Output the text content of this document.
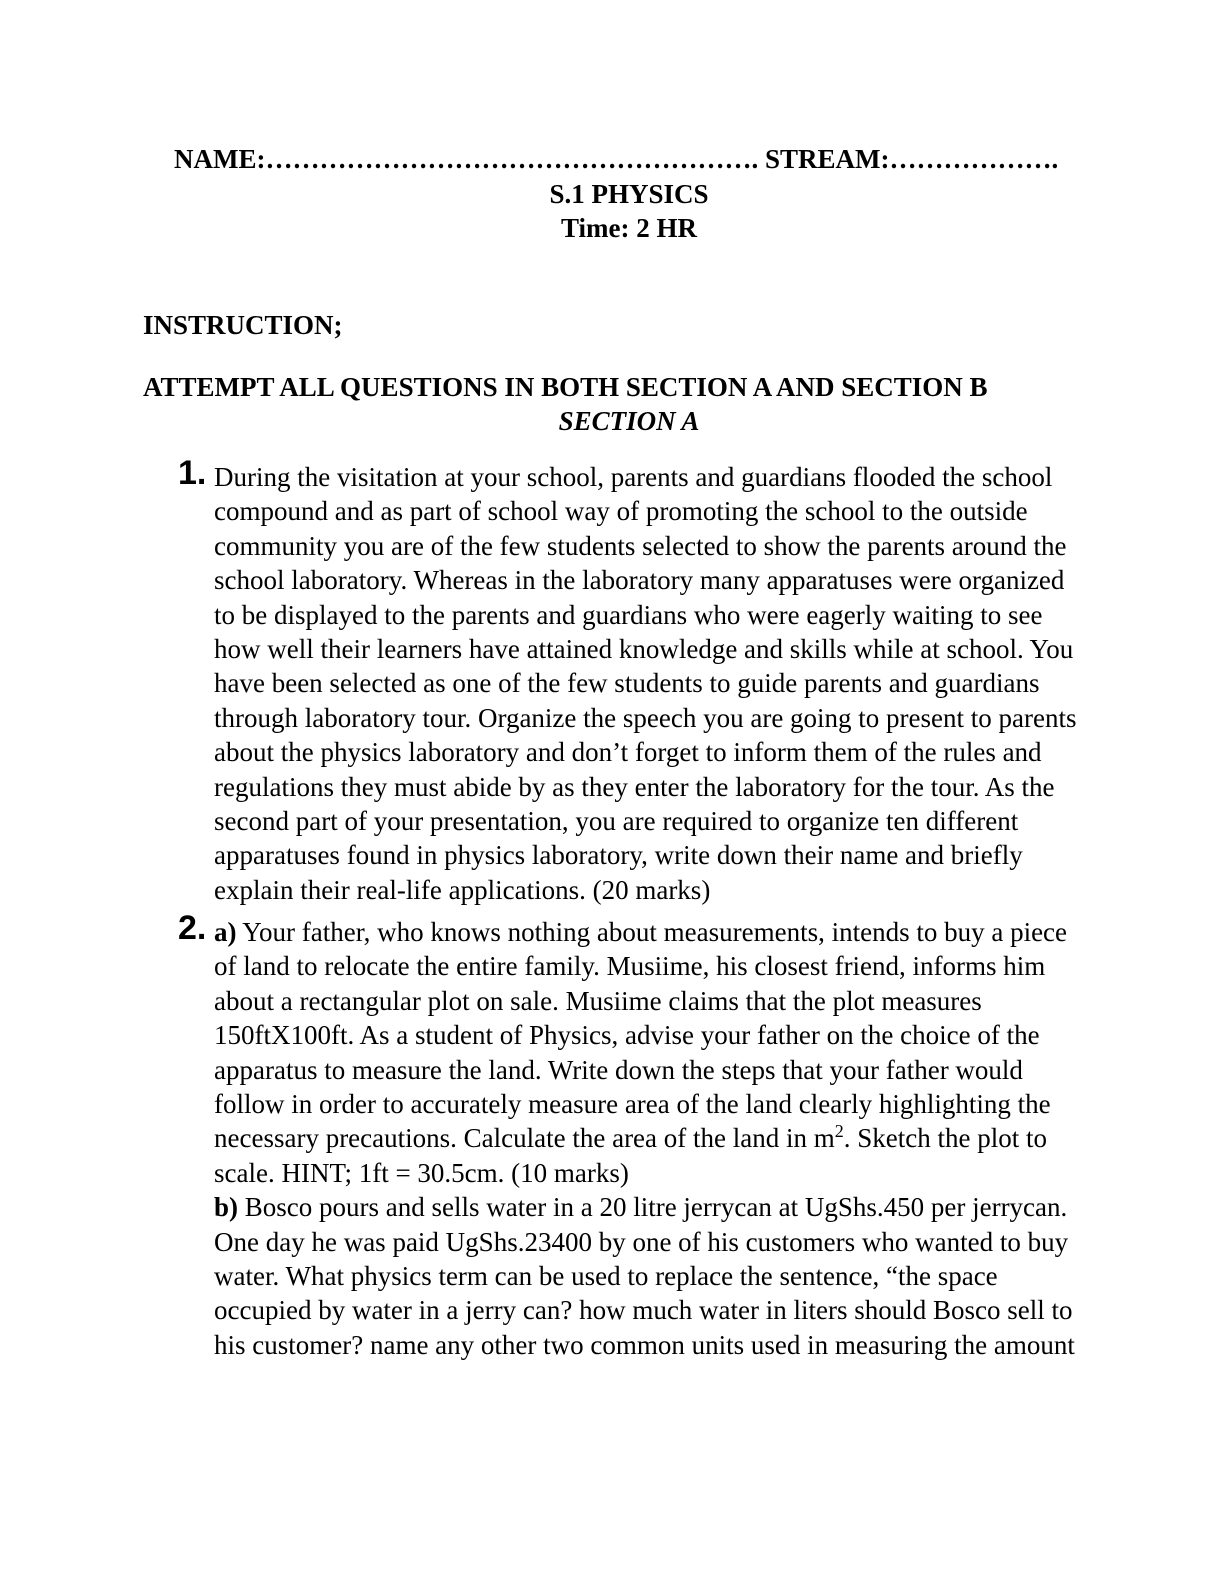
NAME:………………………………………………. STREAM:……………….
S.1 PHYSICS
Time: 2 HR
INSTRUCTION;
ATTEMPT ALL QUESTIONS IN BOTH SECTION A AND SECTION B
SECTION A
1. During the visitation at your school, parents and guardians flooded the school
compound and as part of school way of promoting the school to the outside
community you are of the few students selected to show the parents around the
school laboratory. Whereas in the laboratory many apparatuses were organized
to be displayed to the parents and guardians who were eagerly waiting to see
how well their learners have attained knowledge and skills while at school. You
have been selected as one of the few students to guide parents and guardians
through laboratory tour. Organize the speech you are going to present to parents
about the physics laboratory and don’t forget to inform them of the rules and
regulations they must abide by as they enter the laboratory for the tour. As the
second part of your presentation, you are required to organize ten different
apparatuses found in physics laboratory, write down their name and briefly
explain their real-life applications. (20 marks)
2. a) Your father, who knows nothing about measurements, intends to buy a piece
of land to relocate the entire family. Musiime, his closest friend, informs him
about a rectangular plot on sale. Musiime claims that the plot measures
150ftX100ft. As a student of Physics, advise your father on the choice of the
apparatus to measure the land. Write down the steps that your father would
follow in order to accurately measure area of the land clearly highlighting the
necessary precautions. Calculate the area of the land in $m^2$. Sketch the plot to
scale. HINT; 1ft = 30.5cm. (10 marks)
b) Bosco pours and sells water in a 20 litre jerrycan at UgShs.450 per jerrycan.
One day he was paid UgShs.23400 by one of his customers who wanted to buy
water. What physics term can be used to replace the sentence, “the space
occupied by water in a jerry can? how much water in liters should Bosco sell to
his customer? name any other two common units used in measuring the amount
